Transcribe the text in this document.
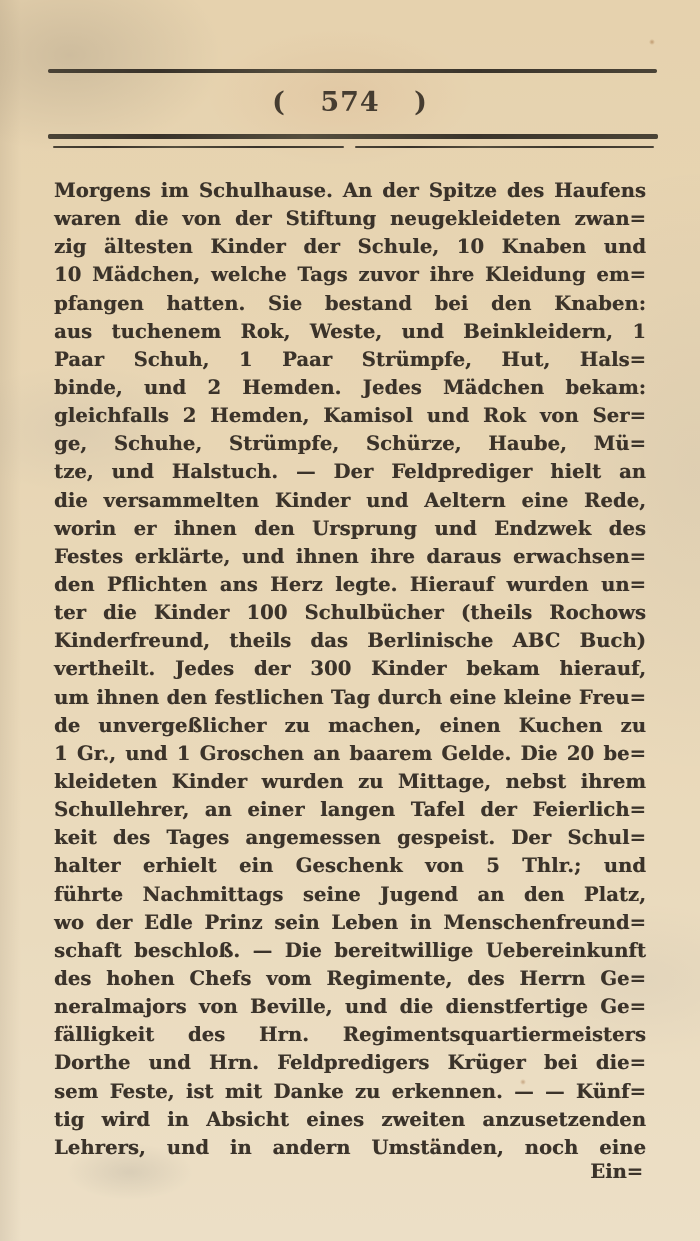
( 574 )
Morgens im Schulhause. An der Spitze des Haufens
waren die von der Stiftung neugekleideten zwan=
zig ältesten Kinder der Schule, 10 Knaben und
10 Mädchen, welche Tags zuvor ihre Kleidung em=
pfangen hatten. Sie bestand bei den Knaben:
aus tuchenem Rok, Weste, und Beinkleidern, 1
Paar Schuh, 1 Paar Strümpfe, Hut, Hals=
binde, und 2 Hemden. Jedes Mädchen bekam:
gleichfalls 2 Hemden, Kamisol und Rok von Ser=
ge, Schuhe, Strümpfe, Schürze, Haube, Mü=
tze, und Halstuch. — Der Feldprediger hielt an
die versammelten Kinder und Aeltern eine Rede,
worin er ihnen den Ursprung und Endzwek des
Festes erklärte, und ihnen ihre daraus erwachsen=
den Pflichten ans Herz legte. Hierauf wurden un=
ter die Kinder 100 Schulbücher (theils Rochows
Kinderfreund, theils das Berlinische ABC Buch)
vertheilt. Jedes der 300 Kinder bekam hierauf,
um ihnen den festlichen Tag durch eine kleine Freu=
de unvergeßlicher zu machen, einen Kuchen zu
1 Gr., und 1 Groschen an baarem Gelde. Die 20 be=
kleideten Kinder wurden zu Mittage, nebst ihrem
Schullehrer, an einer langen Tafel der Feierlich=
keit des Tages angemessen gespeist. Der Schul=
halter erhielt ein Geschenk von 5 Thlr.; und
führte Nachmittags seine Jugend an den Platz,
wo der Edle Prinz sein Leben in Menschenfreund=
schaft beschloß. — Die bereitwillige Uebereinkunft
des hohen Chefs vom Regimente, des Herrn Ge=
neralmajors von Beville, und die dienstfertige Ge=
fälligkeit des Hrn. Regimentsquartiermeisters
Dorthe und Hrn. Feldpredigers Krüger bei die=
sem Feste, ist mit Danke zu erkennen. — — Künf=
tig wird in Absicht eines zweiten anzusetzenden
Lehrers, und in andern Umständen, noch eine
Ein=
